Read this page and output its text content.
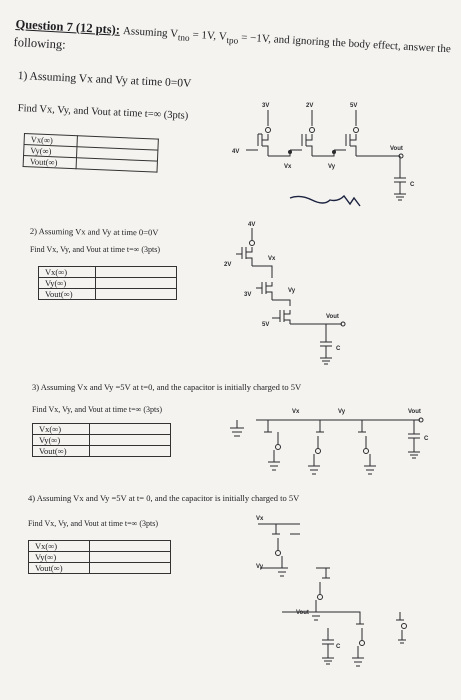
Question 7 (12 pts): Assuming $V_{tno} = 1V$, $V_{tpo} = -1V$, and ignoring the body effect, answer the
following:
1) Assuming Vx and Vy at time 0=0V
Find Vx, Vy, and Vout at time t=∞ (3pts)
Vx(∞)	
Vy(∞)	
Vout(∞)	
2) Assuming Vx and Vy at time 0=0V
Find Vx, Vy, and Vout at time t=∞ (3pts)
Vx(∞)	
Vy(∞)	
Vout(∞)	
3) Assuming Vx and Vy =5V at t=0, and the capacitor is initially charged to 5V
Find Vx, Vy, and Vout at time t=∞ (3pts)
Vx(∞)	
Vy(∞)	
Vout(∞)	
4) Assuming Vx and Vy =5V at t= 0, and the capacitor is initially charged to 5V
Find Vx, Vy, and Vout at time t=∞ (3pts)
Vx(∞)	
Vy(∞)	
Vout(∞)	
3V	2V	5V
4V
Vx	Vy
Vout
C
4V
2V
3V
5V
Vx
Vy
Vout
C
Vx	Vy	Vout
C
Vx
Vy
Vout
C
